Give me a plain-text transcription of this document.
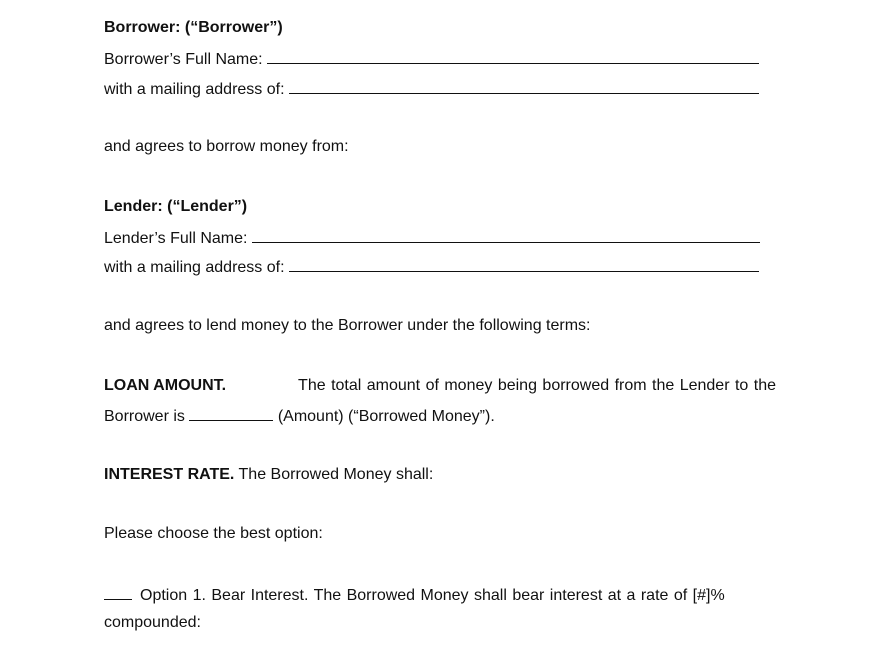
Borrower: (“Borrower”)
Borrower’s Full Name:
with a mailing address of:
and agrees to borrow money from:
Lender: (“Lender”)
Lender’s Full Name:
with a mailing address of:
and agrees to lend money to the Borrower under the following terms:
LOAN AMOUNT.	The total amount of money being borrowed from the Lender to the
Borrower is	(Amount) (“Borrowed Money”).
INTEREST RATE. The Borrowed Money shall:
Please choose the best option:
Option 1. Bear Interest. The Borrowed Money shall bear interest at a rate of [#]%
compounded:
